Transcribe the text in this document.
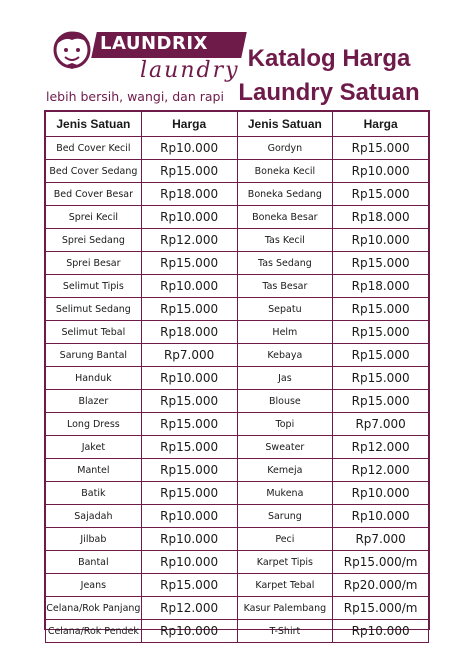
LAUNDRIX
laundry
lebih bersih, wangi, dan rapi
Katalog Harga
Laundry Satuan
Jenis Satuan	Harga	Jenis Satuan	Harga
Bed Cover Kecil	Rp10.000	Gordyn	Rp15.000
Bed Cover Sedang	Rp15.000	Boneka Kecil	Rp10.000
Bed Cover Besar	Rp18.000	Boneka Sedang	Rp15.000
Sprei Kecil	Rp10.000	Boneka Besar	Rp18.000
Sprei Sedang	Rp12.000	Tas Kecil	Rp10.000
Sprei Besar	Rp15.000	Tas Sedang	Rp15.000
Selimut Tipis	Rp10.000	Tas Besar	Rp18.000
Selimut Sedang	Rp15.000	Sepatu	Rp15.000
Selimut Tebal	Rp18.000	Helm	Rp15.000
Sarung Bantal	Rp7.000	Kebaya	Rp15.000
Handuk	Rp10.000	Jas	Rp15.000
Blazer	Rp15.000	Blouse	Rp15.000
Long Dress	Rp15.000	Topi	Rp7.000
Jaket	Rp15.000	Sweater	Rp12.000
Mantel	Rp15.000	Kemeja	Rp12.000
Batik	Rp15.000	Mukena	Rp10.000
Sajadah	Rp10.000	Sarung	Rp10.000
Jilbab	Rp10.000	Peci	Rp7.000
Bantal	Rp10.000	Karpet Tipis	Rp15.000/m
Jeans	Rp15.000	Karpet Tebal	Rp20.000/m
Celana/Rok Panjang	Rp12.000	Kasur Palembang	Rp15.000/m
Celana/Rok Pendek	Rp10.000	T-Shirt	Rp10.000
